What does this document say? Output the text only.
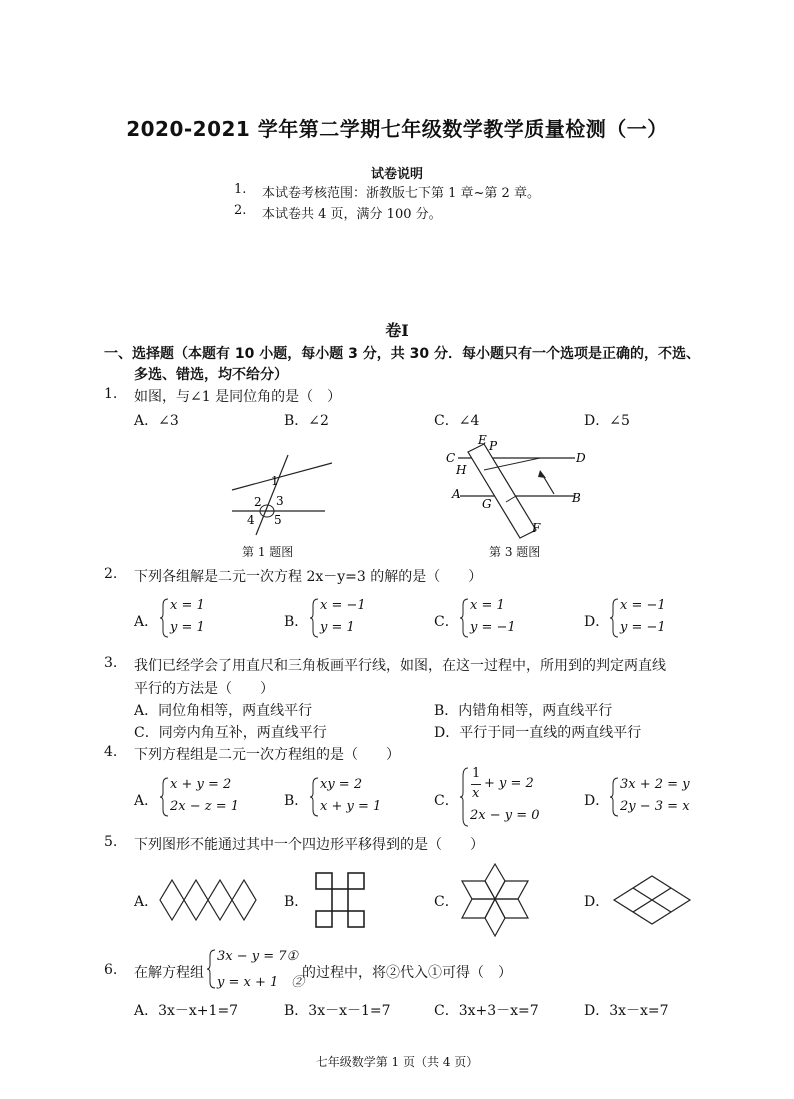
2020-2021 学年第二学期七年级数学教学质量检测（一）
试卷说明
1. 本试卷考核范围：浙教版七下第 1 章~第 2 章。
2. 本试卷共 4 页，满分 100 分。
卷Ⅰ
一、选择题（本题有 10 小题，每小题 3 分，共 30 分．每小题只有一个选项是正确的，不选、
多选、错选，均不给分）
1. 如图，与∠1 是同位角的是（　）
A．∠3	B．∠2	C．∠4	D．∠5
1
2 3
4 5
第 1 题图
E P
C	D
H
A
G	B
F
第 3 题图
2. 下列各组解是二元一次方程 2x－y=3 的解的是（　　）
A．
x = 1
y = 1	B．
x = −1
y = 1	C．
x = 1
y = −1	D．
x = −1
y = −1
3. 我们已经学会了用直尺和三角板画平行线，如图，在这一过程中，所用到的判定两直线
平行的方法是（　　）
A．同位角相等，两直线平行	B．内错角相等，两直线平行
C．同旁内角互补，两直线平行	D．平行于同一直线的两直线平行
4. 下列方程组是二元一次方程组的是（　　）
A．
x + y = 2
2x − z = 1	B．
xy = 2
x + y = 1	C．
1
+ y = 2
x
2x − y = 0
D．
3x + 2 = y
2y − 3 = x
5. 下列图形不能通过其中一个四边形平移得到的是（　　）
A．	B．	C．	D．
6. 在解方程组
3x − y = 7①
y = x + 1　②
的过程中，将②代入①可得（　）
A．3x－x+1=7	B．3x－x－1=7	C．3x+3－x=7	D．3x－x=7
七年级数学第 1 页（共 4 页）
